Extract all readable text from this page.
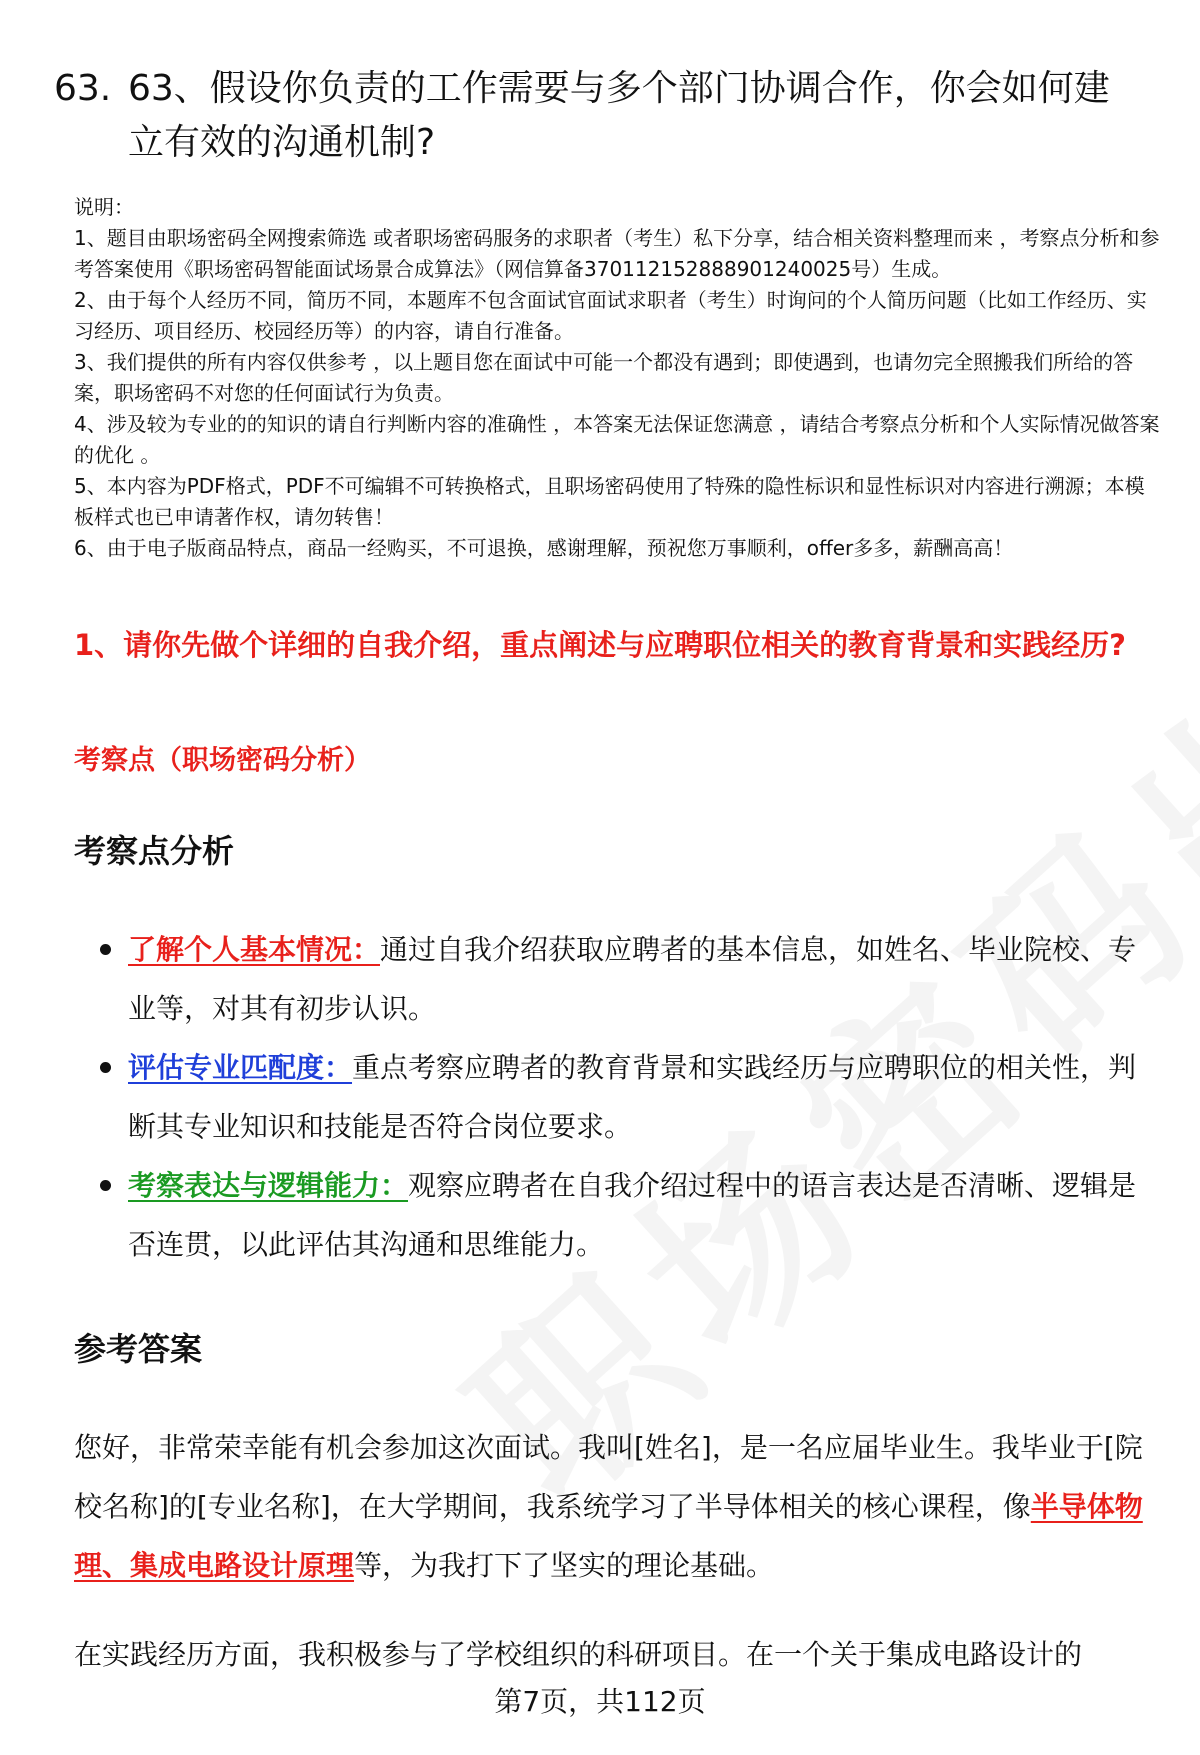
63. 63、假设你负责的工作需要与多个部门协调合作，你会如何建立有效的沟通机制?

说明：

1、题目由职场密码全网搜索筛选 或者职场密码服务的求职者（考生）私下分享，结合相关资料整理而来 ，考察点分析和参考答案使用《职场密码智能面试场景合成算法》（网信算备370112152888901240025号）生成。

2、由于每个人经历不同，简历不同，本题库不包含面试官面试求职者（考生）时询问的个人简历问题（比如工作经历、实习经历、项目经历、校园经历等）的内容，请自行准备。

3、我们提供的所有内容仅供参考 ，以上题目您在面试中可能一个都没有遇到；即使遇到，也请勿完全照搬我们所给的答案，职场密码不对您的任何面试行为负责。

4、涉及较为专业的的知识的请自行判断内容的准确性 ，本答案无法保证您满意 ，请结合考察点分析和个人实际情况做答案的优化 。

5、本内容为PDF格式，PDF不可编辑不可转换格式，且职场密码使用了特殊的隐性标识和显性标识对内容进行溯源；本模板样式也已申请著作权，请勿转售！

6、由于电子版商品特点，商品一经购买，不可退换，感谢理解，预祝您万事顺利，offer多多，薪酬高高！

1、请你先做个详细的自我介绍，重点阐述与应聘职位相关的教育背景和实践经历?
考察点（职场密码分析）
考察点分析
了解个人基本情况：通过自我介绍获取应聘者的基本信息，如姓名、毕业院校、专业等，对其有初步认识。
评估专业匹配度：重点考察应聘者的教育背景和实践经历与应聘职位的相关性，判断其专业知识和技能是否符合岗位要求。
考察表达与逻辑能力：观察应聘者在自我介绍过程中的语言表达是否清晰、逻辑是否连贯，以此评估其沟通和思维能力。
参考答案

您好，非常荣幸能有机会参加这次面试。我叫[姓名]，是一名应届毕业生。我毕业于[院校名称]的[专业名称]，在大学期间，我系统学习了半导体相关的核心课程，像半导体物理、集成电路设计原理等，为我打下了坚实的理论基础。

在实践经历方面，我积极参与了学校组织的科研项目。在一个关于集成电路设计的

第7页，共112页
